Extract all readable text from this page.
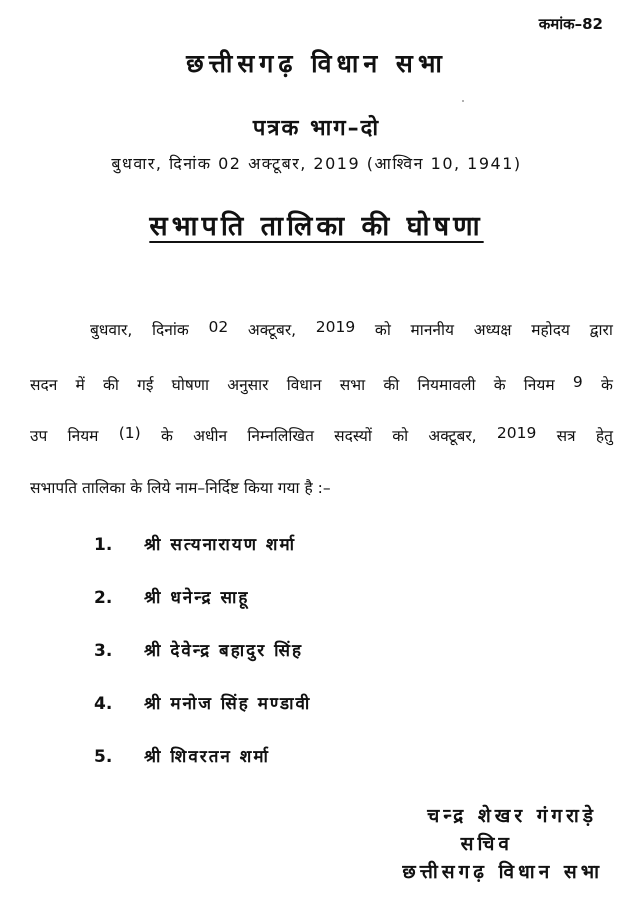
कमांक–82
छत्तीसगढ़ विधान सभा
पत्रक भाग–दो
बुधवार, दिनांक 02 अक्टूबर, 2019 (आश्विन 10, 1941)
सभापति तालिका की घोषणा
बुधवार, दिनांक 02 अक्टूबर, 2019 को माननीय अध्यक्ष महोदय द्वारा
सदन में की गई घोषणा अनुसार विधान सभा की नियमावली के नियम 9 के
उप नियम (1) के अधीन निम्नलिखित सदस्यों को अक्टूबर, 2019 सत्र हेतु
सभापति तालिका के लिये नाम–निर्दिष्ट किया गया है :–
1. श्री सत्यनारायण शर्मा
2. श्री धनेन्द्र साहू
3. श्री देवेन्द्र बहादुर सिंह
4. श्री मनोज सिंह मण्डावी
5. श्री शिवरतन शर्मा
चन्द्र शेखर गंगराड़े
सचिव
छत्तीसगढ़ विधान सभा
